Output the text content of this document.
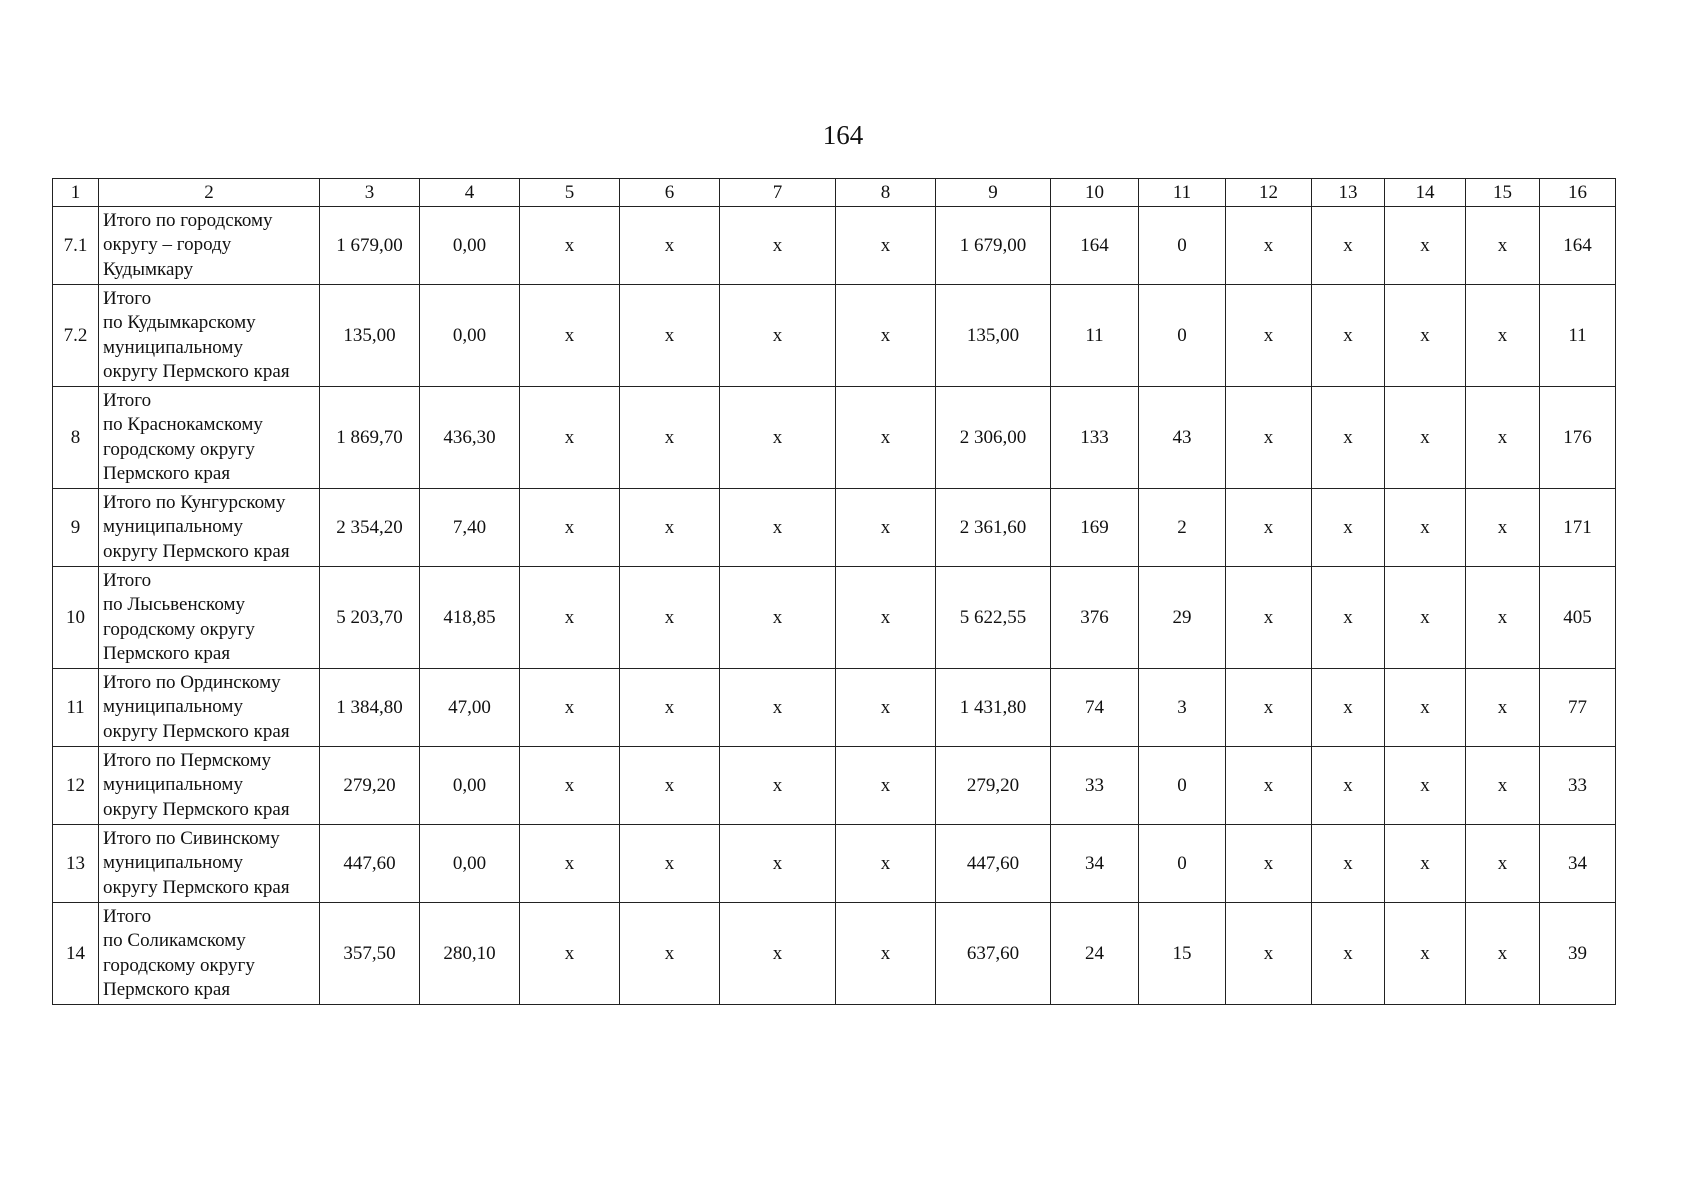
164
1	2	3	4	5	6	7	8	9	10	11	12	13	14	15	16
7.1	Итого по городскому
округу – городу
Кудымкару	1 679,00	0,00	х	х	х	х	1 679,00	164	0	х	х	х	х	164
7.2	Итого
по Кудымкарскому
муниципальному
округу Пермского края	135,00	0,00	х	х	х	х	135,00	11	0	х	х	х	х	11
8	Итого
по Краснокамскому
городскому округу
Пермского края	1 869,70	436,30	х	х	х	х	2 306,00	133	43	х	х	х	х	176
9	Итого по Кунгурскому
муниципальному
округу Пермского края	2 354,20	7,40	х	х	х	х	2 361,60	169	2	х	х	х	х	171
10	Итого
по Лысьвенскому
городскому округу
Пермского края	5 203,70	418,85	х	х	х	х	5 622,55	376	29	х	х	х	х	405
11	Итого по Ординскому
муниципальному
округу Пермского края	1 384,80	47,00	х	х	х	х	1 431,80	74	3	х	х	х	х	77
12	Итого по Пермскому
муниципальному
округу Пермского края	279,20	0,00	х	х	х	х	279,20	33	0	х	х	х	х	33
13	Итого по Сивинскому
муниципальному
округу Пермского края	447,60	0,00	х	х	х	х	447,60	34	0	х	х	х	х	34
14	Итого
по Соликамскому
городскому округу
Пермского края	357,50	280,10	х	х	х	х	637,60	24	15	х	х	х	х	39
